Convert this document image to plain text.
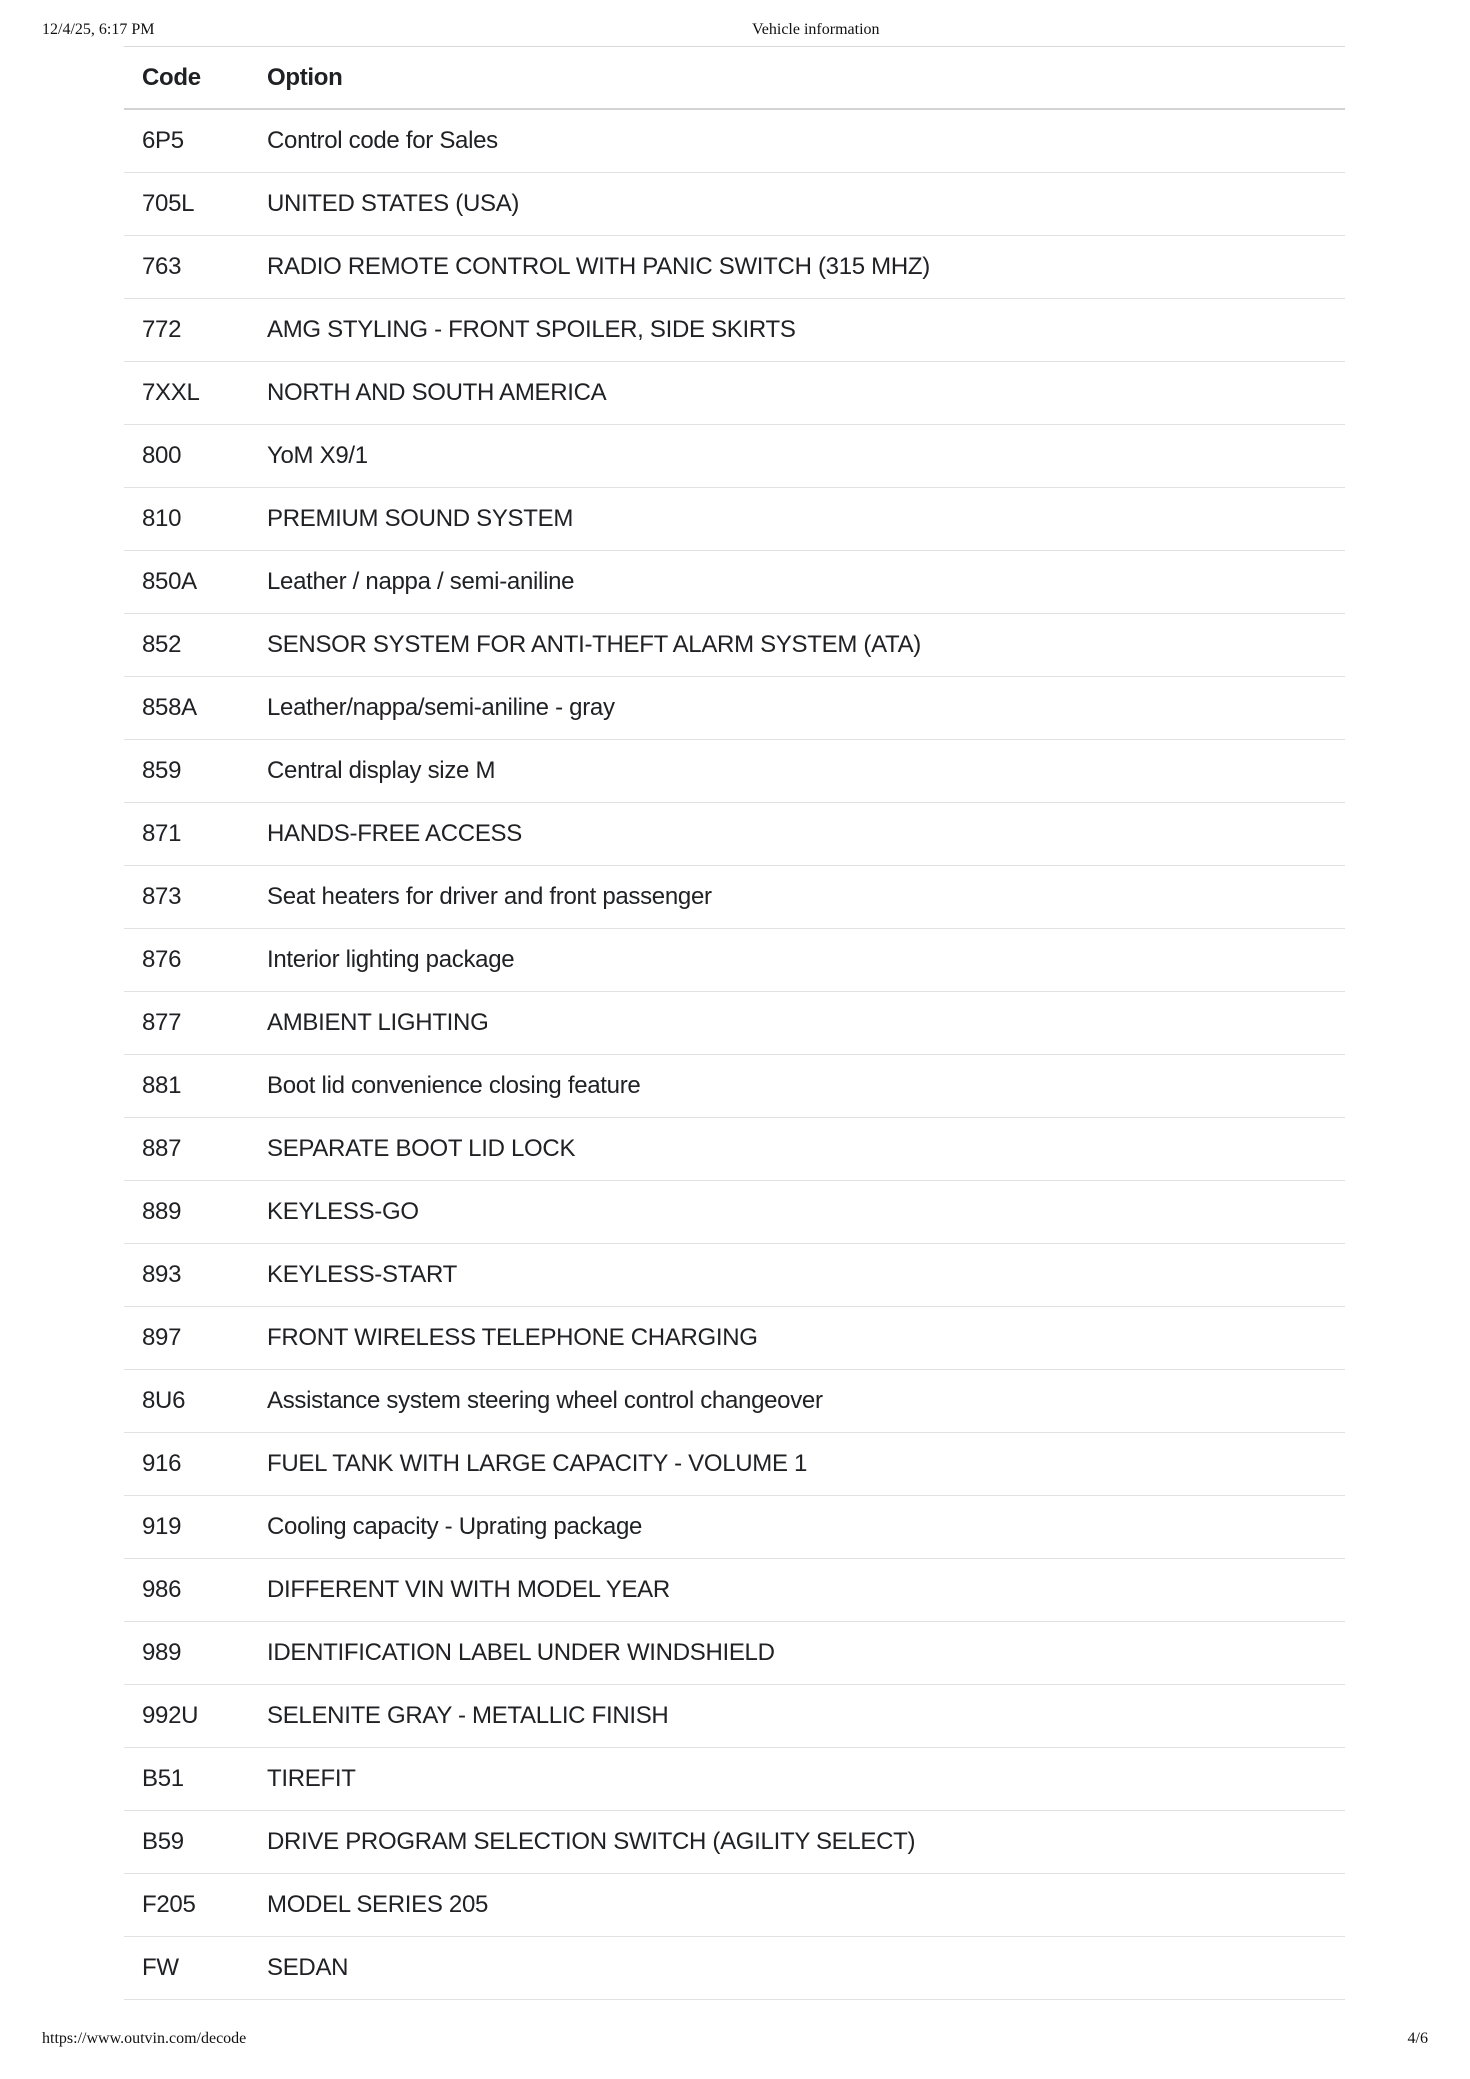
12/4/25, 6:17 PM	Vehicle information
Code	Option
6P5	Control code for Sales
705L	UNITED STATES (USA)
763	RADIO REMOTE CONTROL WITH PANIC SWITCH (315 MHZ)
772	AMG STYLING - FRONT SPOILER, SIDE SKIRTS
7XXL	NORTH AND SOUTH AMERICA
800	YoM X9/1
810	PREMIUM SOUND SYSTEM
850A	Leather / nappa / semi-aniline
852	SENSOR SYSTEM FOR ANTI-THEFT ALARM SYSTEM (ATA)
858A	Leather/nappa/semi-aniline - gray
859	Central display size M
871	HANDS-FREE ACCESS
873	Seat heaters for driver and front passenger
876	Interior lighting package
877	AMBIENT LIGHTING
881	Boot lid convenience closing feature
887	SEPARATE BOOT LID LOCK
889	KEYLESS-GO
893	KEYLESS-START
897	FRONT WIRELESS TELEPHONE CHARGING
8U6	Assistance system steering wheel control changeover
916	FUEL TANK WITH LARGE CAPACITY - VOLUME 1
919	Cooling capacity - Uprating package
986	DIFFERENT VIN WITH MODEL YEAR
989	IDENTIFICATION LABEL UNDER WINDSHIELD
992U	SELENITE GRAY - METALLIC FINISH
B51	TIREFIT
B59	DRIVE PROGRAM SELECTION SWITCH (AGILITY SELECT)
F205	MODEL SERIES 205
FW	SEDAN
https://www.outvin.com/decode	4/6
